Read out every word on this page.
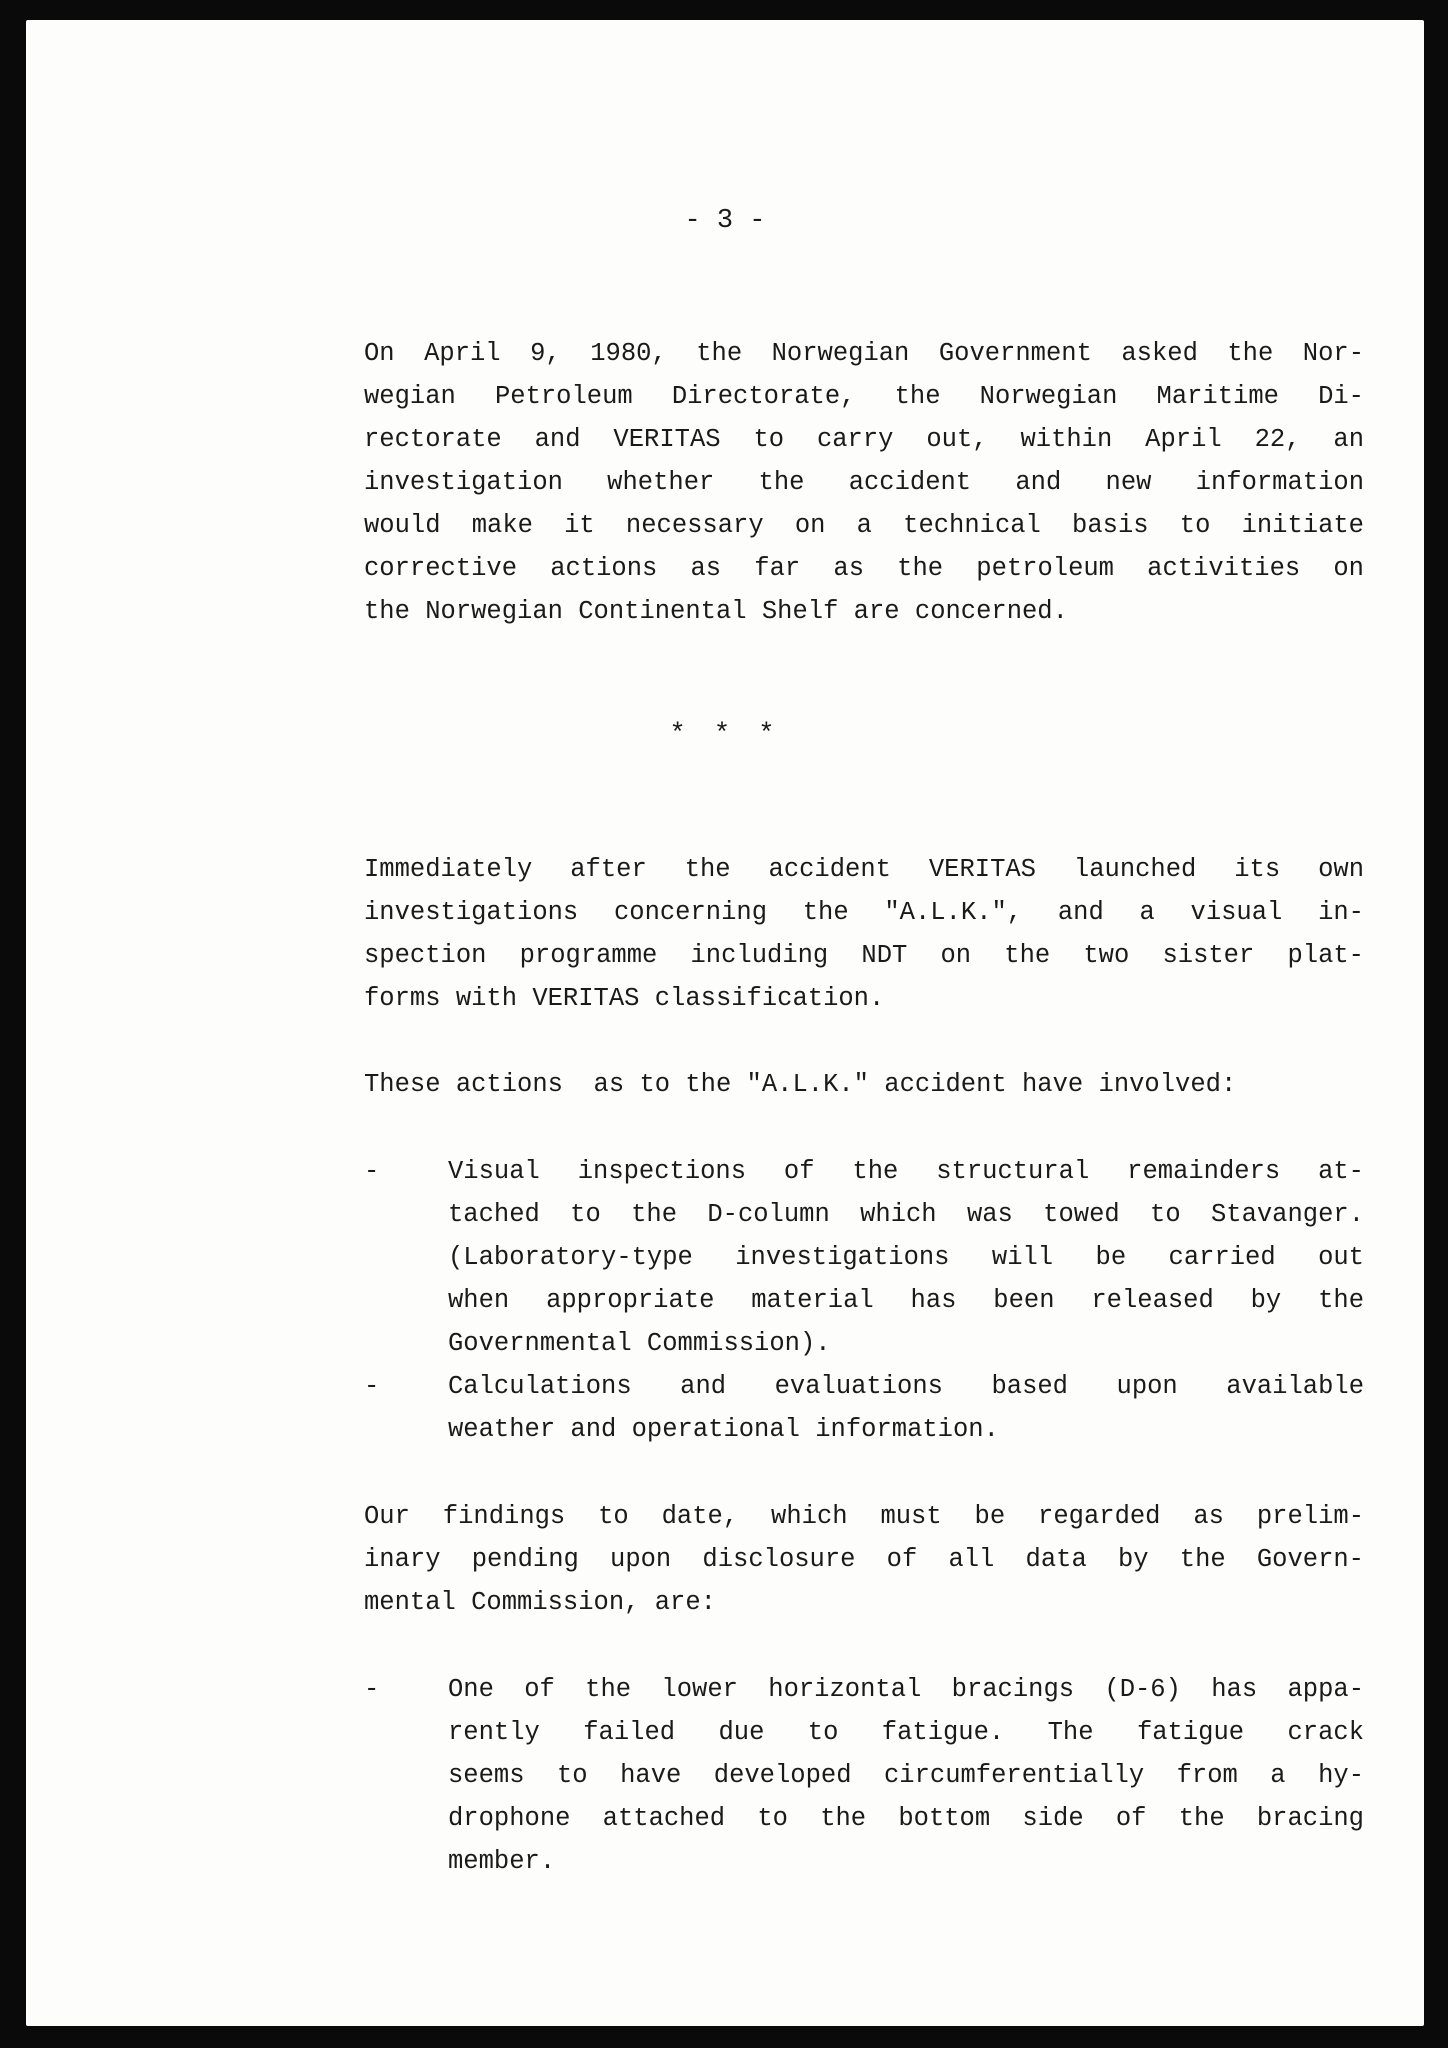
- 3 -
On April 9, 1980, the Norwegian Government asked the Nor-
wegian Petroleum Directorate, the Norwegian Maritime Di-
rectorate and VERITAS to carry out, within April 22, an
investigation whether the accident and new information
would make it necessary on a technical basis to initiate
corrective actions as far as the petroleum activities on
the Norwegian Continental Shelf are concerned.
* * *
Immediately after the accident VERITAS launched its own
investigations concerning the "A.L.K.", and a visual in-
spection programme including NDT on the two sister plat-
forms with VERITAS classification.
These actions  as to the "A.L.K." accident have involved:
-	Visual inspections of the structural remainders at-
tached to the D-column which was towed to Stavanger.
(Laboratory-type investigations will be carried out
when appropriate material has been released by the
Governmental Commission).
-	Calculations and evaluations based upon available
weather and operational information.
Our findings to date, which must be regarded as prelim-
inary pending upon disclosure of all data by the Govern-
mental Commission, are:
-	One of the lower horizontal bracings (D-6) has appa-
rently failed due to fatigue. The fatigue crack
seems to have developed circumferentially from a hy-
drophone attached to the bottom side of the bracing
member.
